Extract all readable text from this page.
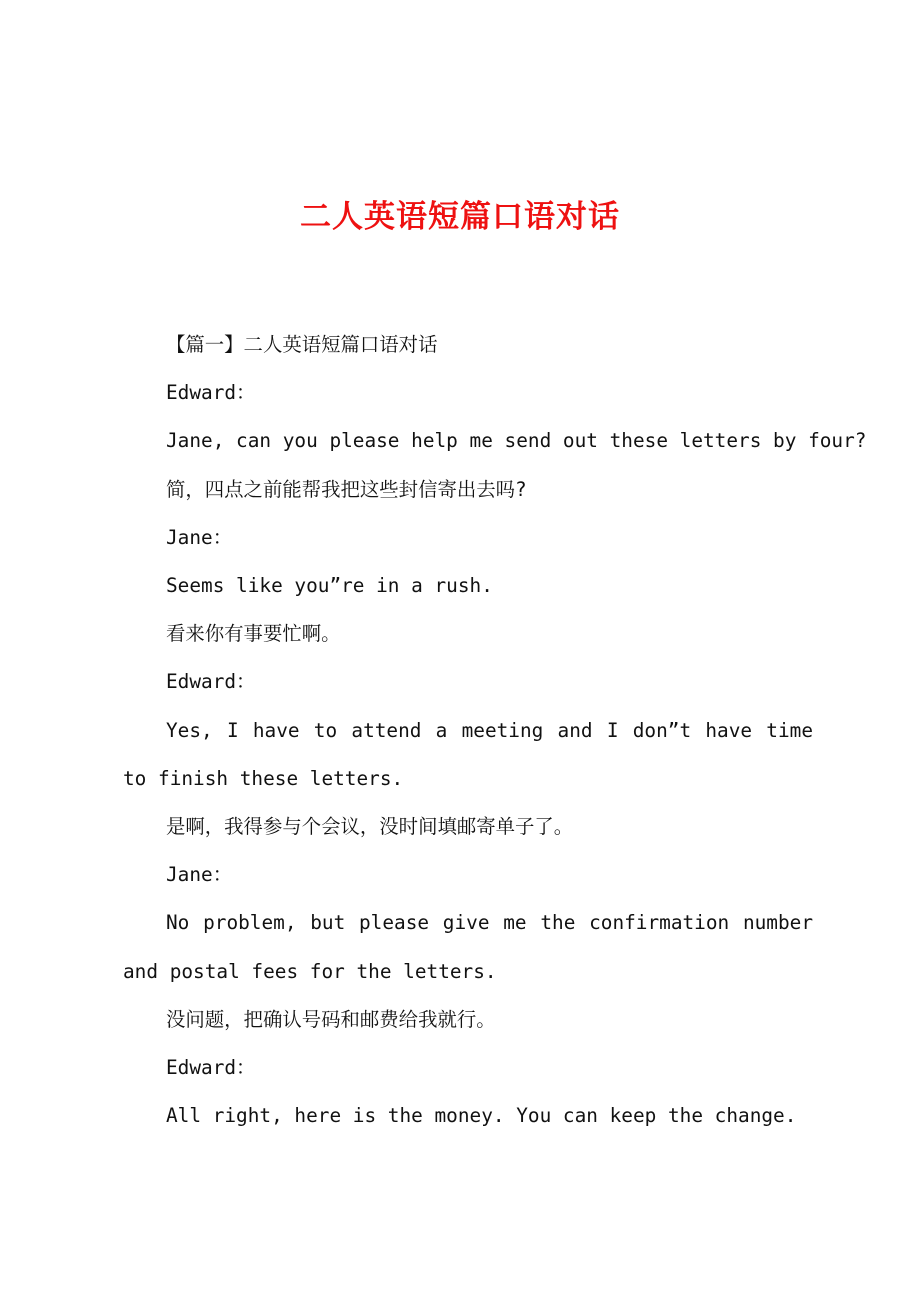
二人英语短篇口语对话
【篇一】二人英语短篇口语对话
Edward：
Jane, can you please help me send out these letters by four?
简，四点之前能帮我把这些封信寄出去吗?
Jane：
Seems like you”re in a rush.
看来你有事要忙啊。
Edward：
Yes, I have to attend a meeting and I don”t have time to finish these letters.
是啊，我得参与个会议，没时间填邮寄单子了。
Jane：
No problem, but please give me the confirmation number and postal fees for the letters.
没问题，把确认号码和邮费给我就行。
Edward：
All right, here is the money. You can keep the change.
